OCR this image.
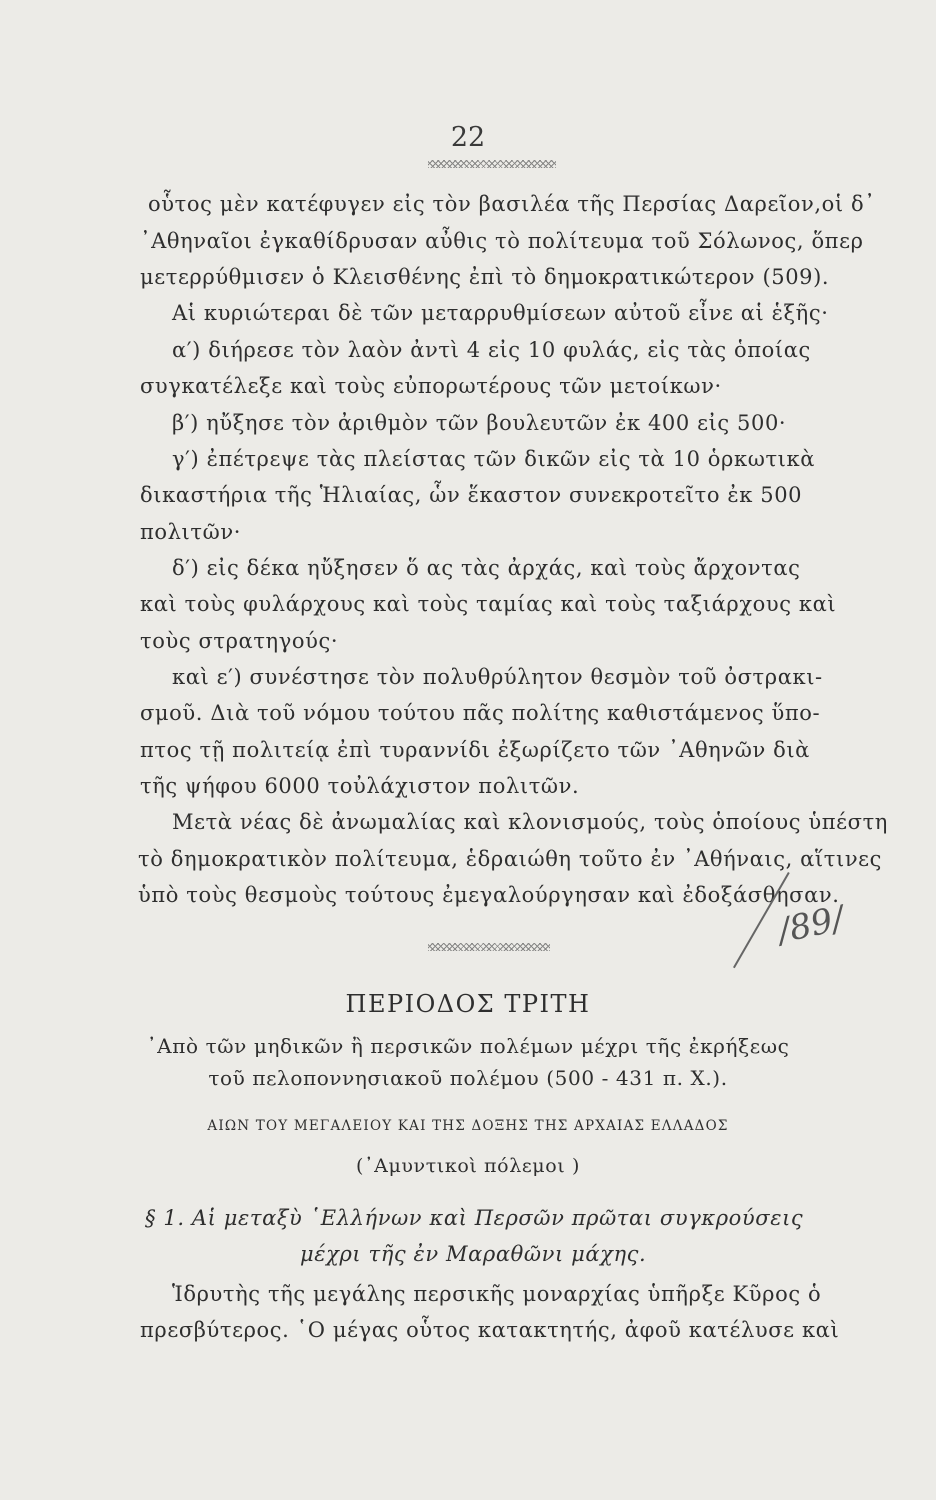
22
οὗτος μὲν κατέφυγεν εἰς τὸν βασιλέα τῆς Περσίας Δαρεῖον,οἱ δ᾽
᾽Αθηναῖοι ἐγκαθίδρυσαν αὖθις τὸ πολίτευμα τοῦ Σόλωνος, ὅπερ
μετερρύθμισεν ὁ Κλεισθένης ἐπὶ τὸ δημοκρατικώτερον (509).
Αἱ κυριώτεραι δὲ τῶν μεταρρυθμίσεων αὐτοῦ εἶνε αἱ ἑξῆς·
α′) διήρεσε τὸν λαὸν ἀντὶ 4 εἰς 10 φυλάς, εἰς τὰς ὁποίας
συγκατέλεξε καὶ τοὺς εὐπορωτέρους τῶν μετοίκων·
β′) ηὔξησε τὸν ἀριθμὸν τῶν βουλευτῶν ἐκ 400 εἰς 500·
γ′) ἐπέτρεψε τὰς πλείστας τῶν δικῶν εἰς τὰ 10 ὁρκωτικὰ
δικαστήρια τῆς Ἡλιαίας, ὧν ἕκαστον συνεκροτεῖτο ἐκ 500
πολιτῶν·
δ′) εἰς δέκα ηὔξησεν ὅ ας τὰς ἀρχάς, καὶ τοὺς ἄρχοντας
καὶ τοὺς φυλάρχους καὶ τοὺς ταμίας καὶ τοὺς ταξιάρχους καὶ
τοὺς στρατηγούς·
καὶ ε′) συνέστησε τὸν πολυθρύλητον θεσμὸν τοῦ ὀστρακι-
σμοῦ. Διὰ τοῦ νόμου τούτου πᾶς πολίτης καθιστάμενος ὕπο-
πτος τῇ πολιτείᾳ ἐπὶ τυραννίδι ἐξωρίζετο τῶν ᾽Αθηνῶν διὰ
τῆς ψήφου 6000 τοὐλάχιστον πολιτῶν.
Μετὰ νέας δὲ ἀνωμαλίας καὶ κλονισμούς, τοὺς ὁποίους ὑπέστη
τὸ δημοκρατικὸν πολίτευμα, ἑδραιώθη τοῦτο ἐν ᾽Αθήναις, αἵτινες
ὑπὸ τοὺς θεσμοὺς τούτους ἐμεγαλούργησαν καὶ ἐδοξάσθησαν.
/89/
ΠΕΡΙΟΔΟΣ ΤΡΙΤΗ
᾽Απὸ τῶν μηδικῶν ἢ περσικῶν πολέμων μέχρι τῆς ἐκρήξεως
τοῦ πελοποννησιακοῦ πολέμου (500 - 431 π. Χ.).
ΑΙΩΝ ΤΟΥ ΜΕΓΑΛΕΙΟΥ ΚΑΙ ΤΗΣ ΔΟΞΗΣ ΤΗΣ ΑΡΧΑΙΑΣ ΕΛΛΑΔΟΣ
(᾽Αμυντικοὶ πόλεμοι )
§ 1. Αἱ μεταξὺ ῾Ελλήνων καὶ Περσῶν πρῶται συγκρούσεις
μέχρι τῆς ἐν Μαραθῶνι μάχης.
Ἱδρυτὴς τῆς μεγάλης περσικῆς μοναρχίας ὑπῆρξε Κῦρος ὁ
πρεσβύτερος. ῾Ο μέγας οὗτος κατακτητής, ἀφοῦ κατέλυσε καὶ
